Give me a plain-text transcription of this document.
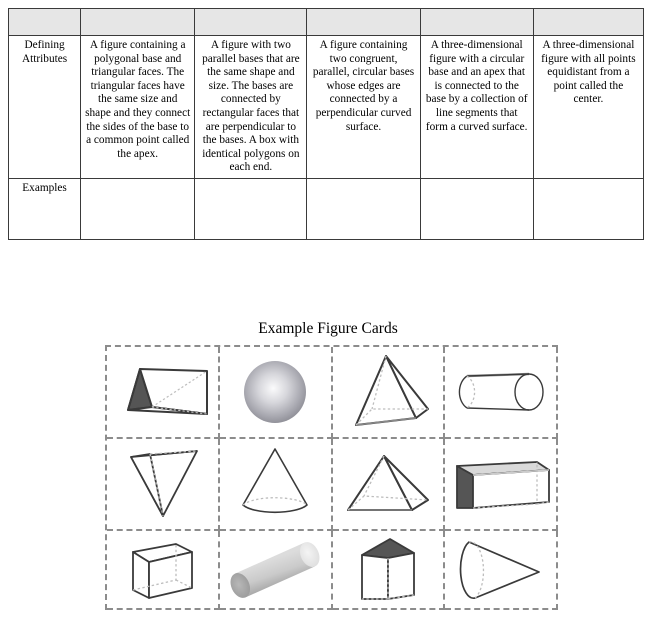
Defining Attributes	A figure containing a polygonal base and triangular faces. The triangular faces have the same size and shape and they connect the sides of the base to a common point called the apex.	A figure with two parallel bases that are the same shape and size. The bases are connected by rectangular faces that are perpendicular to the bases. A box with identical polygons on each end.	A figure containing two congruent, parallel, circular bases whose edges are connected by a perpendicular curved surface.	A three-dimensional figure with a circular base and an apex that is connected to the base by a collection of line segments that form a curved surface.	A three-dimensional figure with all points equidistant from a point called the center.
Examples					
Example Figure Cards
